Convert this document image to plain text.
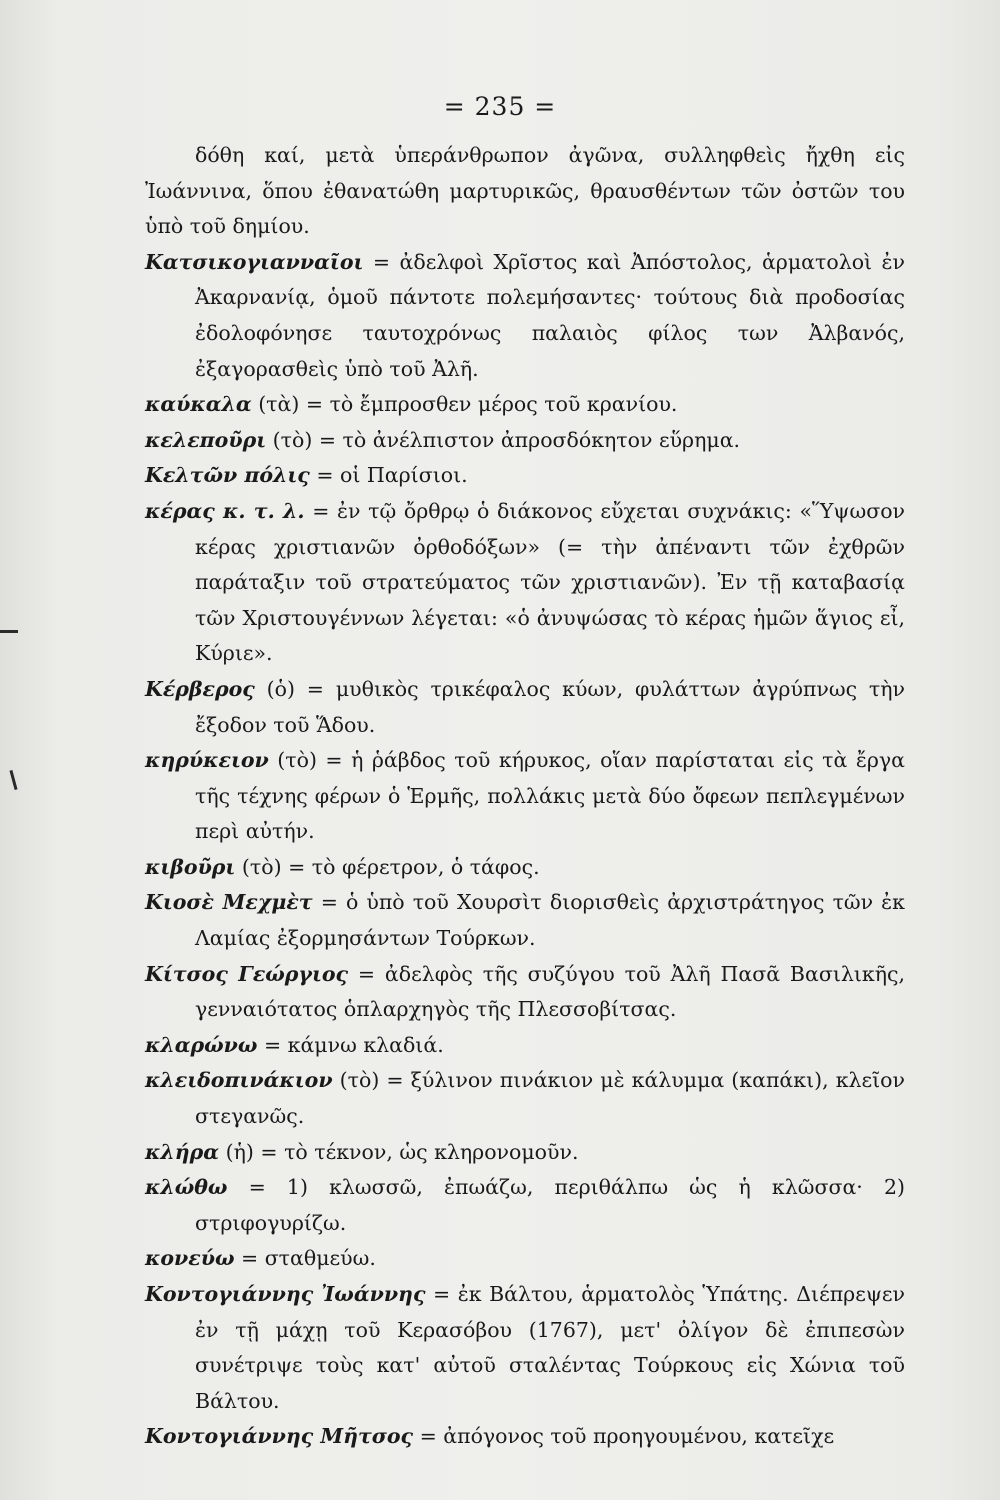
= 235 =

δόθη καί, μετὰ ὑπεράνθρωπον ἀγῶνα, συλληφθεὶς ἤχθη εἰς Ἰωάννινα, ὅπου ἐθανατώθη μαρτυρικῶς, θραυσθέντων τῶν ὀστῶν του ὑπὸ τοῦ δημίου.

Κατσικογιανναῖοι = ἀδελφοὶ Χρῖστος καὶ Ἀπόστολος, ἁρματολοὶ ἐν Ἀκαρνανίᾳ, ὁμοῦ πάντοτε πολεμήσαντες· τούτους διὰ προδοσίας ἐδολοφόνησε ταυτοχρόνως παλαιὸς φίλος των Ἀλβανός, ἐξαγορασθεὶς ὑπὸ τοῦ Ἀλῆ.

καύκαλα (τὰ) = τὸ ἔμπροσθεν μέρος τοῦ κρανίου.

κελεποῦρι (τὸ) = τὸ ἀνέλπιστον ἀπροσδόκητον εὕρημα.

Κελτῶν πόλις = οἱ Παρίσιοι.

κέρας κ. τ. λ. = ἐν τῷ ὄρθρῳ ὁ διάκονος εὔχεται συχνάκις: «Ὕψωσον κέρας χριστιανῶν ὀρθοδόξων» (= τὴν ἀπέναντι τῶν ἐχθρῶν παράταξιν τοῦ στρατεύματος τῶν χριστιανῶν). Ἐν τῇ καταβασίᾳ τῶν Χριστουγέννων λέγεται: «ὁ ἀνυψώσας τὸ κέρας ἡμῶν ἅγιος εἶ, Κύριε».

Κέρβερος (ὁ) = μυθικὸς τρικέφαλος κύων, φυλάττων ἀγρύπνως τὴν ἔξοδον τοῦ Ἅδου.

κηρύκειον (τὸ) = ἡ ῥάβδος τοῦ κήρυκος, οἵαν παρίσταται εἰς τὰ ἔργα τῆς τέχνης φέρων ὁ Ἑρμῆς, πολλάκις μετὰ δύο ὄφεων πεπλεγμένων περὶ αὐτήν.

κιβοῦρι (τὸ) = τὸ φέρετρον, ὁ τάφος.

Κιοσὲ Μεχμὲτ = ὁ ὑπὸ τοῦ Χουρσὶτ διορισθεὶς ἀρχιστράτηγος τῶν ἐκ Λαμίας ἐξορμησάντων Τούρκων.

Κίτσος Γεώργιος = ἀδελφὸς τῆς συζύγου τοῦ Ἀλῆ Πασᾶ Βασιλικῆς, γενναιότατος ὁπλαρχηγὸς τῆς Πλεσσοβίτσας.

κλαρώνω = κάμνω κλαδιά.

κλειδοπινάκιον (τὸ) = ξύλινον πινάκιον μὲ κάλυμμα (καπάκι), κλεῖον στεγανῶς.

κλήρα (ἡ) = τὸ τέκνον, ὡς κληρονομοῦν.

κλώθω = 1) κλωσσῶ, ἐπωάζω, περιθάλπω ὡς ἡ κλῶσσα· 2) στριφογυρίζω.

κονεύω = σταθμεύω.

Κοντογιάννης Ἰωάννης = ἐκ Βάλτου, ἁρματολὸς Ὑπάτης. Διέπρεψεν ἐν τῇ μάχῃ τοῦ Κερασόβου (1767), μετ' ὀλίγον δὲ ἐπιπεσὼν συνέτριψε τοὺς κατ' αὐτοῦ σταλέντας Τούρκους εἰς Χώνια τοῦ Βάλτου.

Κοντογιάννης Μῆτσος = ἀπόγονος τοῦ προηγουμένου, κατεῖχε
